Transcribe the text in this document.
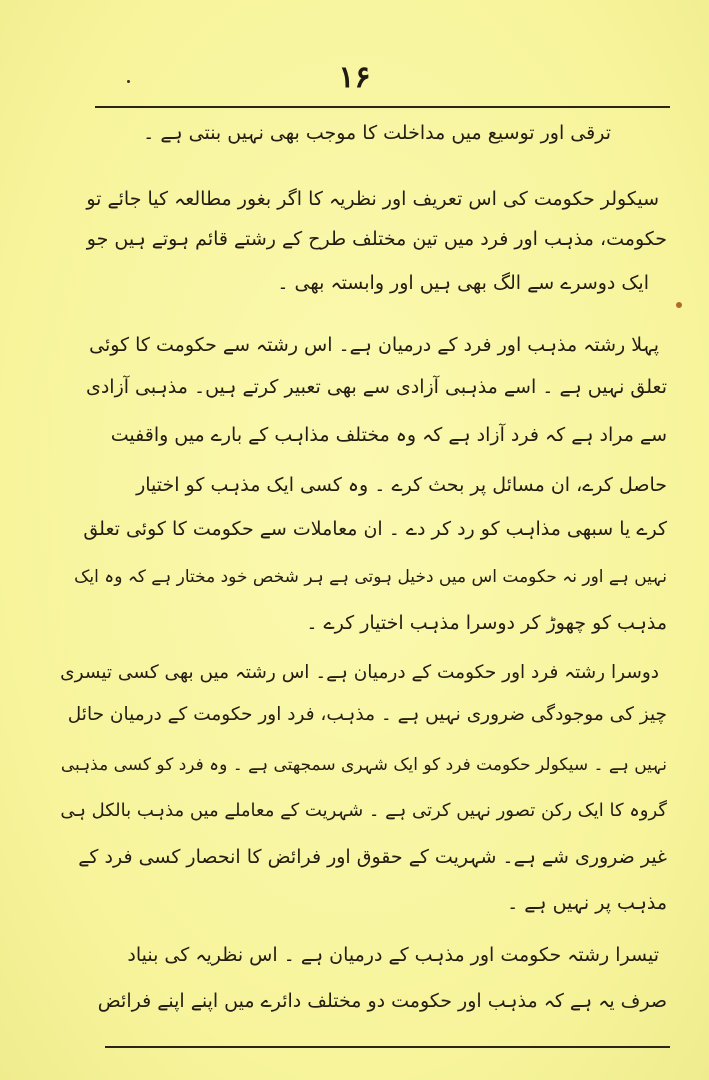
۱۶
ترقی اور توسیع میں مداخلت کا موجب بھی نہیں بنتی ہے ۔
سیکولر حکومت کی اس تعریف اور نظریہ کا اگر بغور مطالعہ کیا جائے تو
حکومت، مذہب اور فرد میں تین مختلف طرح کے رشتے قائم ہوتے ہیں جو
ایک دوسرے سے الگ بھی ہیں اور وابستہ بھی ۔
پہلا رشتہ مذہب اور فرد کے درمیان ہے۔ اس رشتہ سے حکومت کا کوئی
تعلق نہیں ہے ۔ اسے مذہبی آزادی سے بھی تعبیر کرتے ہیں۔ مذہبی آزادی
سے مراد ہے کہ فرد آزاد ہے کہ وہ مختلف مذاہب کے بارے میں واقفیت
حاصل کرے، ان مسائل پر بحث کرے ۔ وہ کسی ایک مذہب کو اختیار
کرے یا سبھی مذاہب کو رد کر دے ۔ ان معاملات سے حکومت کا کوئی تعلق
نہیں ہے اور نہ حکومت اس میں دخیل ہوتی ہے ہر شخص خود مختار ہے کہ وہ ایک
مذہب کو چھوڑ کر دوسرا مذہب اختیار کرے ۔
دوسرا رشتہ فرد اور حکومت کے درمیان ہے۔ اس رشتہ میں بھی کسی تیسری
چیز کی موجودگی ضروری نہیں ہے ۔ مذہب، فرد اور حکومت کے درمیان حائل
نہیں ہے ۔ سیکولر حکومت فرد کو ایک شہری سمجھتی ہے ۔ وہ فرد کو کسی مذہبی
گروہ کا ایک رکن تصور نہیں کرتی ہے ۔ شہریت کے معاملے میں مذہب بالکل ہی
غیر ضروری شے ہے۔ شہریت کے حقوق اور فرائض کا انحصار کسی فرد کے
مذہب پر نہیں ہے ۔
تیسرا رشتہ حکومت اور مذہب کے درمیان ہے ۔ اس نظریہ کی بنیاد
صرف یہ ہے کہ مذہب اور حکومت دو مختلف دائرے میں اپنے اپنے فرائض
